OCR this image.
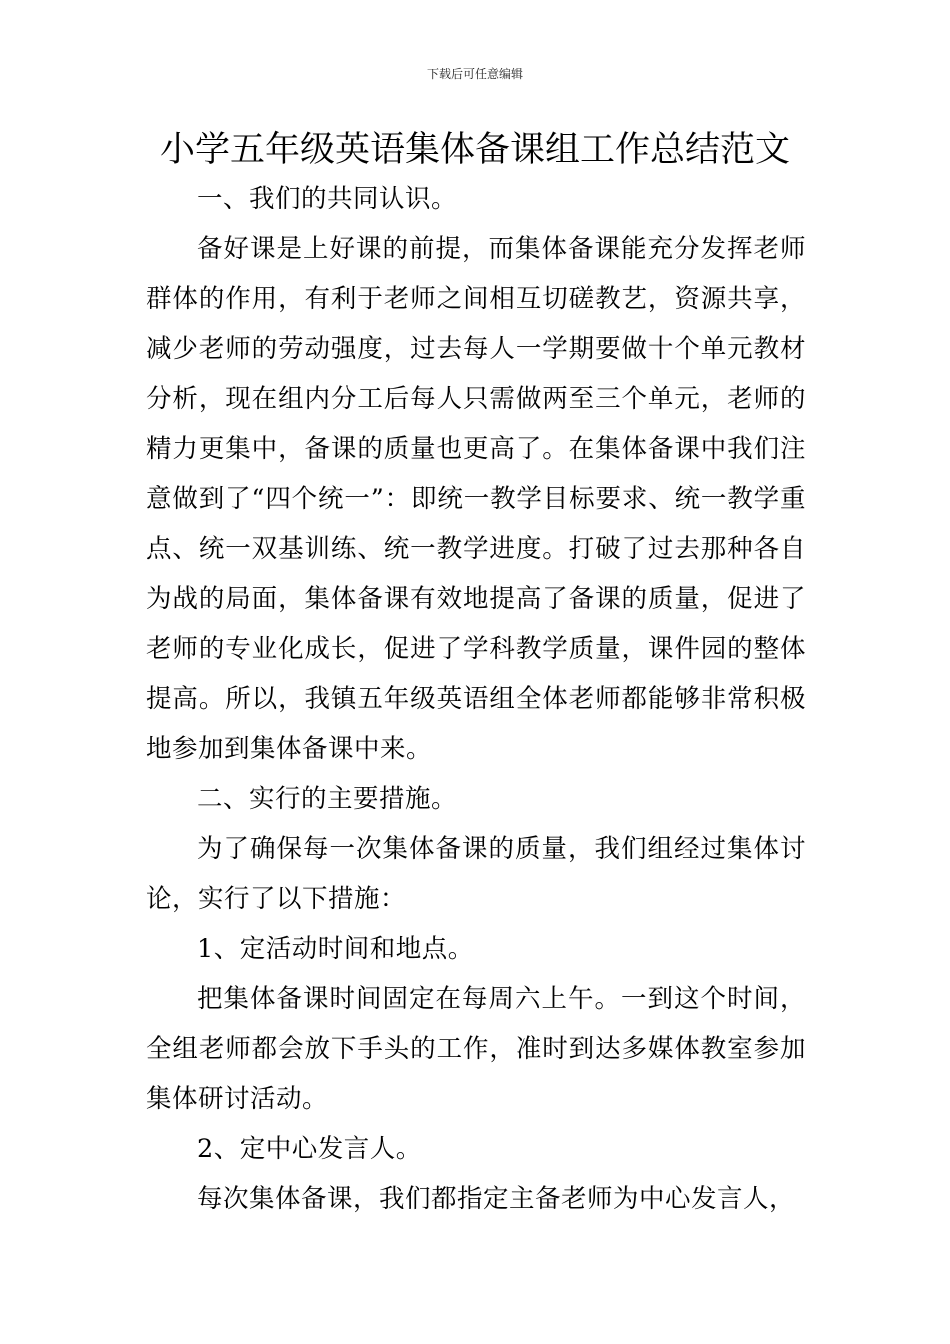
下载后可任意编辑
小学五年级英语集体备课组工作总结范文

一、我们的共同认识。

备好课是上好课的前提，而集体备课能充分发挥老师群体的作用，有利于老师之间相互切磋教艺，资源共享，减少老师的劳动强度，过去每人一学期要做十个单元教材分析，现在组内分工后每人只需做两至三个单元，老师的精力更集中，备课的质量也更高了。在集体备课中我们注意做到了“四个统一”：即统一教学目标要求、统一教学重点、统一双基训练、统一教学进度。打破了过去那种各自为战的局面，集体备课有效地提高了备课的质量，促进了老师的专业化成长，促进了学科教学质量，课件园的整体提高。所以，我镇五年级英语组全体老师都能够非常积极地参加到集体备课中来。

二、实行的主要措施。

为了确保每一次集体备课的质量，我们组经过集体讨论，实行了以下措施：

1、定活动时间和地点。

把集体备课时间固定在每周六上午。一到这个时间，全组老师都会放下手头的工作，准时到达多媒体教室参加集体研讨活动。

2、定中心发言人。

每次集体备课，我们都指定主备老师为中心发言人，
